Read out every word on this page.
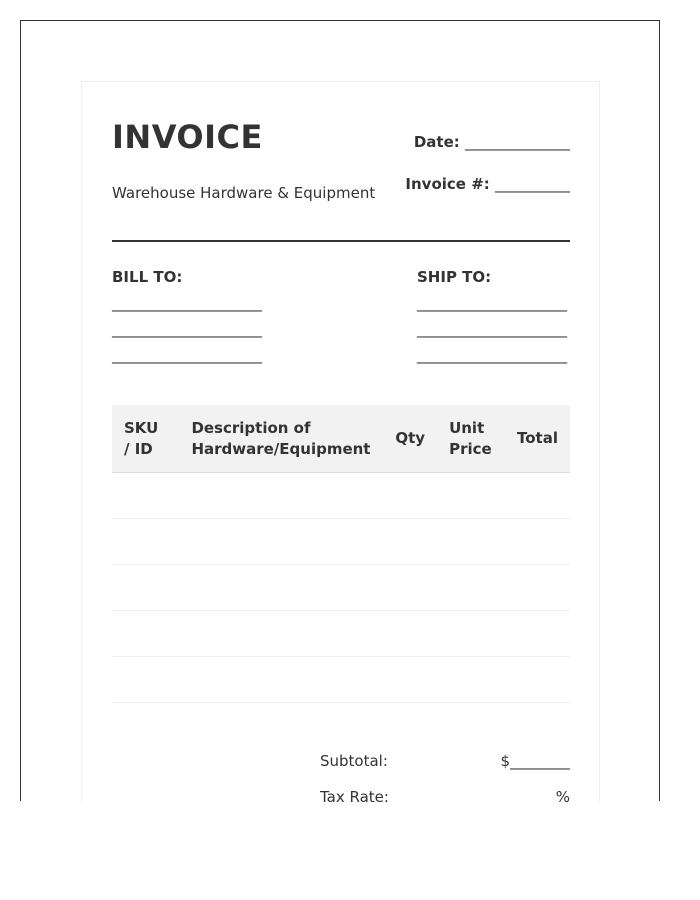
INVOICE
Warehouse Hardware & Equipment
Date: ______________
Invoice #: __________
BILL TO:	SHIP TO:
____________________
____________________
____________________
____________________
____________________
____________________
SKU / ID	Description of Hardware/Equipment	Qty	Unit Price	Total

Subtotal:	$________
Tax Rate:	%
